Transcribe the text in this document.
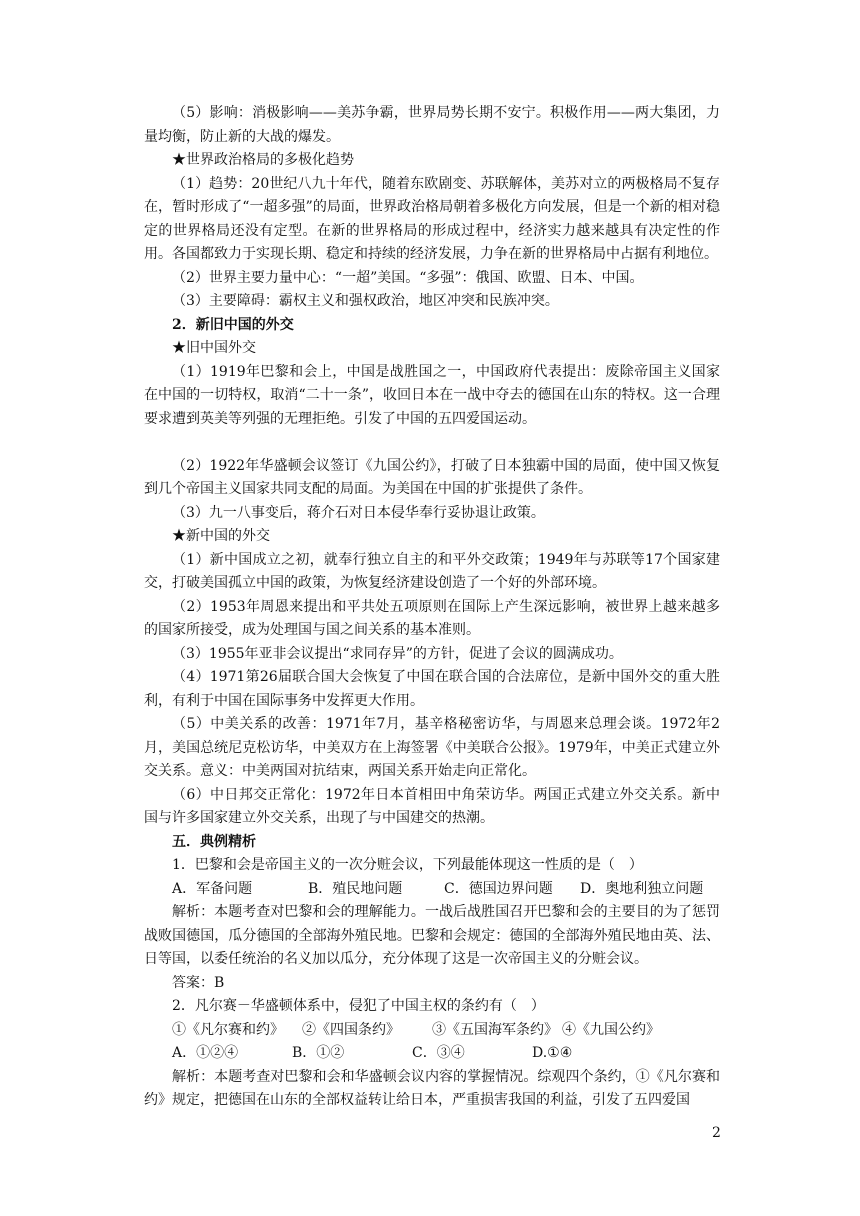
（5）影响：消极影响——美苏争霸，世界局势长期不安宁。积极作用——两大集团，力量均衡，防止新的大战的爆发。

★世界政治格局的多极化趋势

（1）趋势：20世纪八九十年代，随着东欧剧变、苏联解体，美苏对立的两极格局不复存在，暂时形成了“一超多强”的局面，世界政治格局朝着多极化方向发展，但是一个新的相对稳定的世界格局还没有定型。在新的世界格局的形成过程中，经济实力越来越具有决定性的作用。各国都致力于实现长期、稳定和持续的经济发展，力争在新的世界格局中占据有利地位。

（2）世界主要力量中心：“一超”美国。“多强”：俄国、欧盟、日本、中国。

（3）主要障碍：霸权主义和强权政治，地区冲突和民族冲突。

2．新旧中国的外交

★旧中国外交

（1）1919年巴黎和会上，中国是战胜国之一，中国政府代表提出：废除帝国主义国家在中国的一切特权，取消“二十一条”，收回日本在一战中夺去的德国在山东的特权。这一合理要求遭到英美等列强的无理拒绝。引发了中国的五四爱国运动。

（2）1922年华盛顿会议签订《九国公约》，打破了日本独霸中国的局面，使中国又恢复到几个帝国主义国家共同支配的局面。为美国在中国的扩张提供了条件。

（3）九一八事变后，蒋介石对日本侵华奉行妥协退让政策。

★新中国的外交

（1）新中国成立之初，就奉行独立自主的和平外交政策；1949年与苏联等17个国家建交，打破美国孤立中国的政策，为恢复经济建设创造了一个好的外部环境。

（2）1953年周恩来提出和平共处五项原则在国际上产生深远影响，被世界上越来越多的国家所接受，成为处理国与国之间关系的基本准则。

（3）1955年亚非会议提出“求同存异”的方针，促进了会议的圆满成功。

（4）1971第26届联合国大会恢复了中国在联合国的合法席位，是新中国外交的重大胜利，有利于中国在国际事务中发挥更大作用。

（5）中美关系的改善：1971年7月，基辛格秘密访华，与周恩来总理会谈。1972年2月，美国总统尼克松访华，中美双方在上海签署《中美联合公报》。1979年，中美正式建立外交关系。意义：中美两国对抗结束，两国关系开始走向正常化。

（6）中日邦交正常化：1972年日本首相田中角荣访华。两国正式建立外交关系。新中国与许多国家建立外交关系，出现了与中国建交的热潮。

五．典例精析

1．巴黎和会是帝国主义的一次分赃会议，下列最能体现这一性质的是（　）

A．军备问题	B．殖民地问题	C．德国边界问题	D．奥地利独立问题

解析：本题考查对巴黎和会的理解能力。一战后战胜国召开巴黎和会的主要目的为了惩罚战败国德国，瓜分德国的全部海外殖民地。巴黎和会规定：德国的全部海外殖民地由英、法、日等国，以委任统治的名义加以瓜分，充分体现了这是一次帝国主义的分赃会议。

答案：B

2．凡尔赛－华盛顿体系中，侵犯了中国主权的条约有（　）

①《凡尔赛和约》	②《四国条约》	③《五国海军条约》 ④《九国公约》
A．①②④	B．①②	C．③④	D.①④

解析：本题考查对巴黎和会和华盛顿会议内容的掌握情况。综观四个条约，①《凡尔赛和约》规定，把德国在山东的全部权益转让给日本，严重损害我国的利益，引发了五四爱国

2
